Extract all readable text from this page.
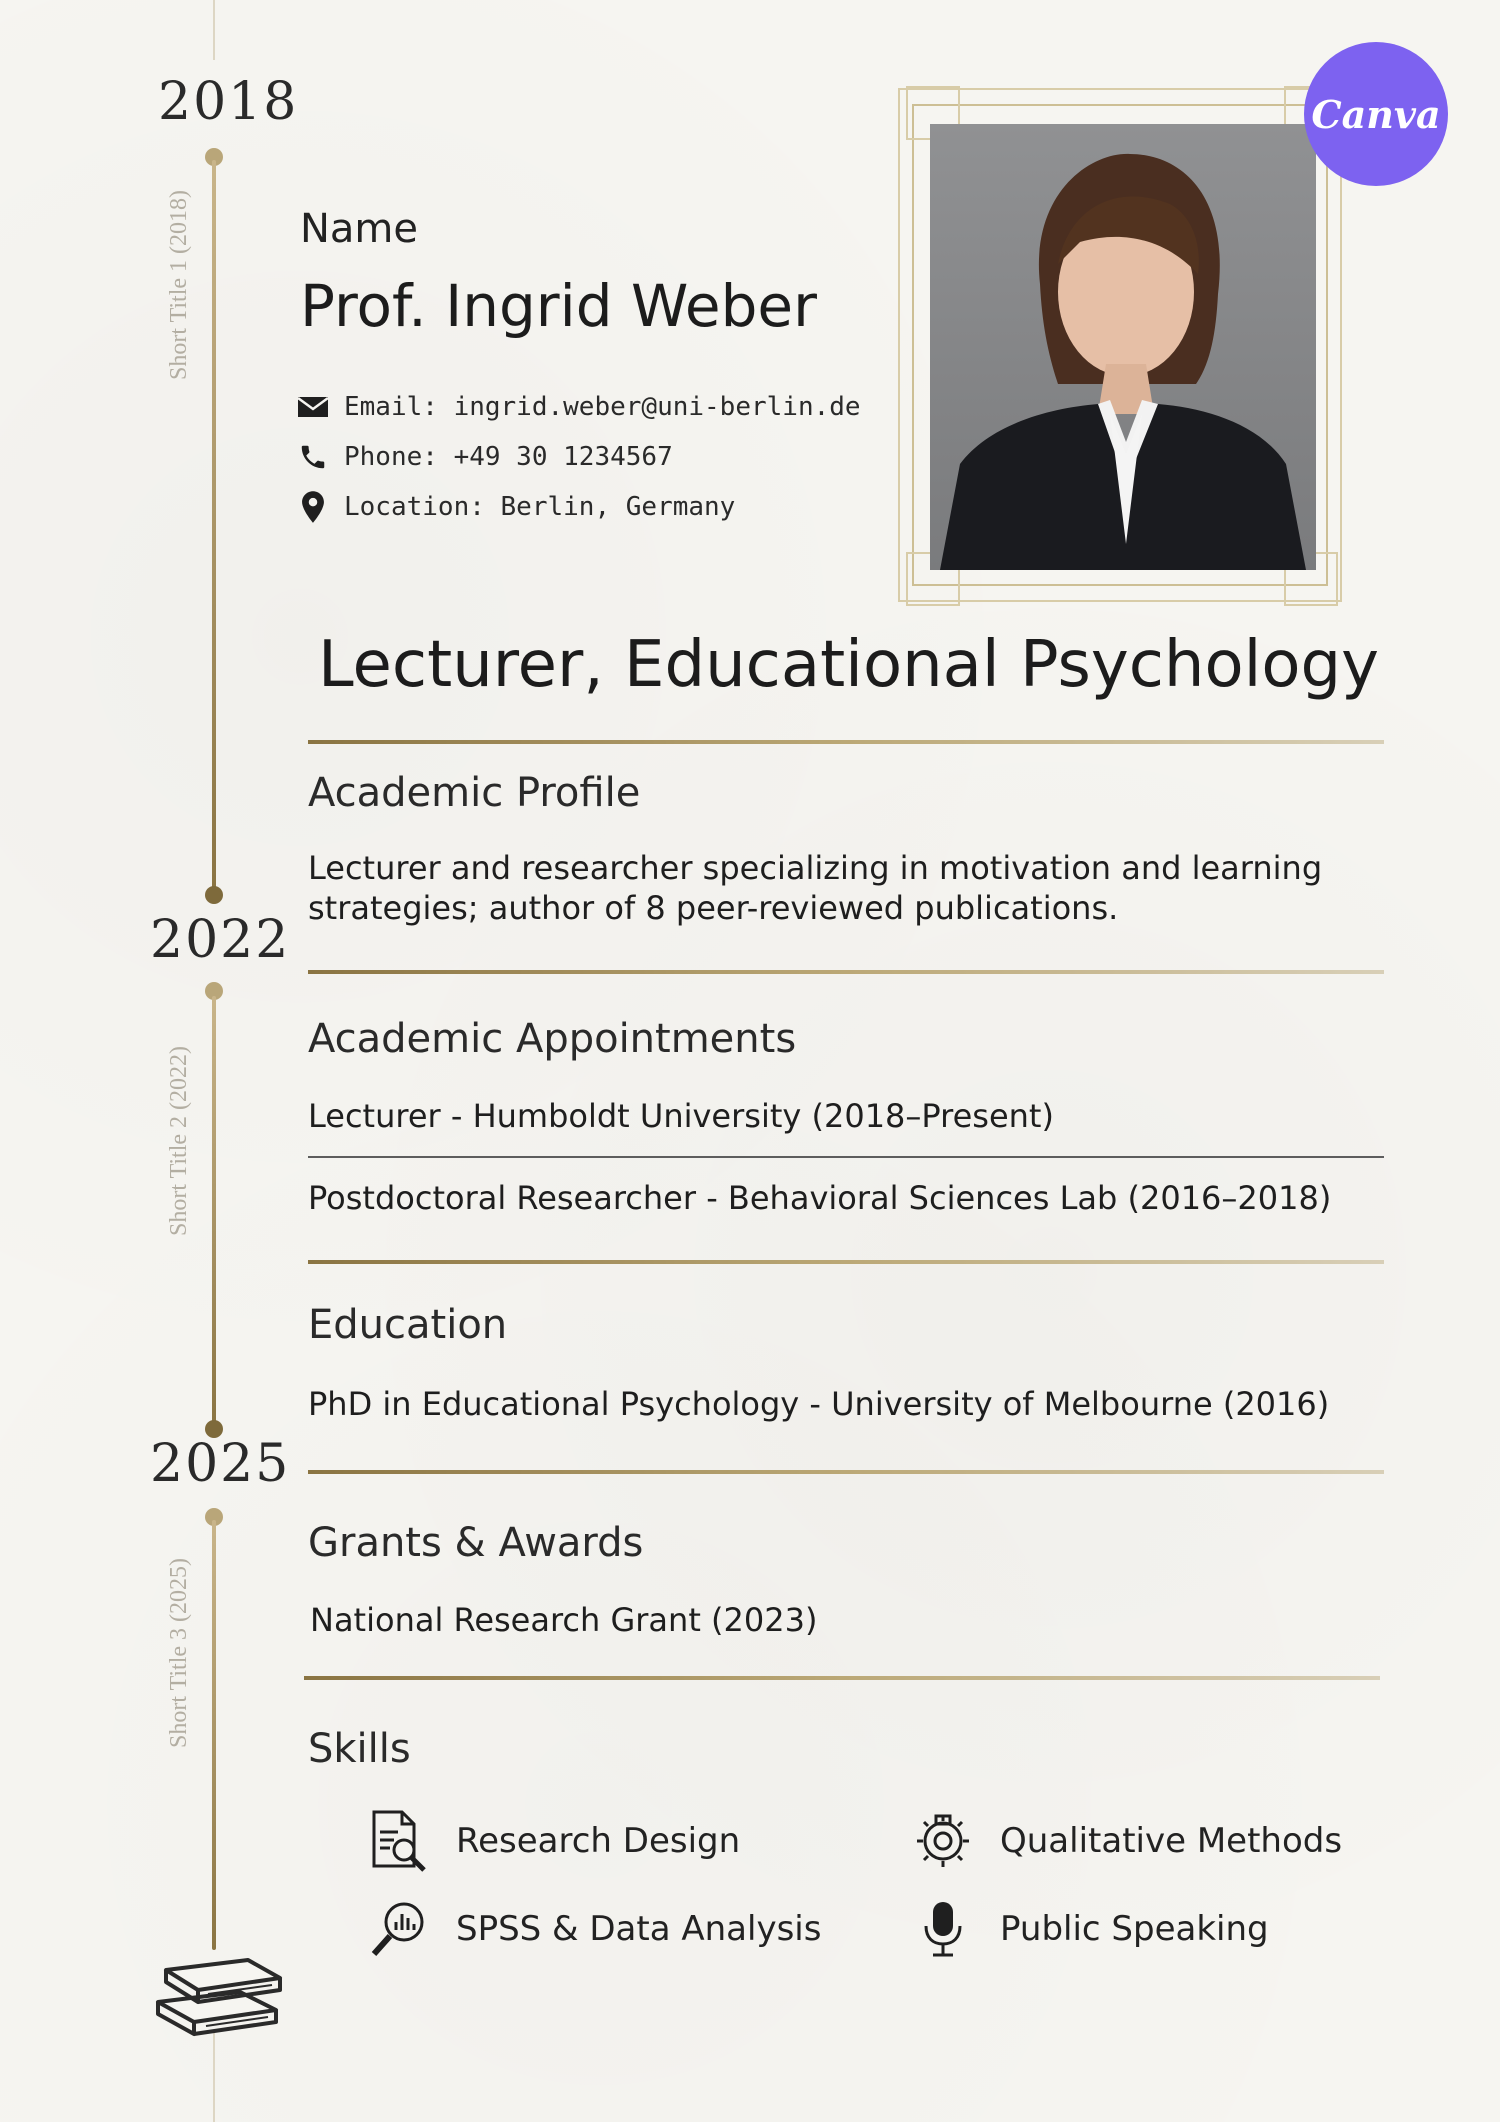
2018
Short Title 1 (2018)
2022
Short Title 2 (2022)
2025
Short Title 3 (2025)
Name
Prof. Ingrid Weber
Email: ingrid.weber@uni-berlin.de
Phone: +49 30 1234567
Location: Berlin, Germany
Canva
Lecturer, Educational Psychology
Academic Profile
Lecturer and researcher specializing in motivation and learning
strategies; author of 8 peer-reviewed publications.
Academic Appointments
Lecturer - Humboldt University (2018–Present)
Postdoctoral Researcher - Behavioral Sciences Lab (2016–2018)
Education
PhD in Educational Psychology - University of Melbourne (2016)
Grants & Awards
National Research Grant (2023)
Skills
Research Design	Qualitative Methods
SPSS & Data Analysis	Public Speaking
